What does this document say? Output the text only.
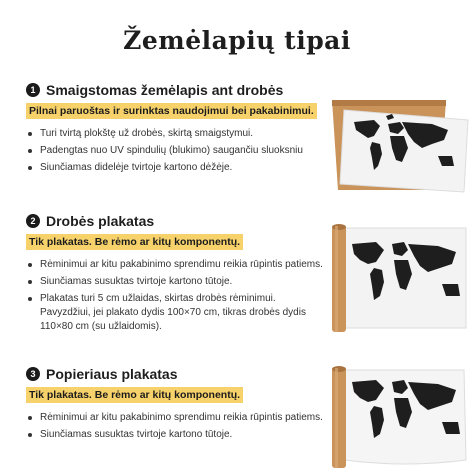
Žemėlapių tipai
1 Smaigstomas žemėlapis ant drobės
Pilnai paruoštas ir surinktas naudojimui bei pakabinimui.
Turi tvirtą plokštę už drobės, skirtą smaigstymui.
Padengtas nuo UV spindulių (blukimo) saugančiu sluoksniu
Siunčiamas didelėje tvirtoje kartono dėžėje.
2 Drobės plakatas
Tik plakatas. Be rėmo ar kitų komponentų.
Rėminimui ar kitu pakabinimo sprendimu reikia rūpintis patiems.
Siunčiamas susuktas tvirtoje kartono tūtoje.
Plakatas turi 5 cm užlaidas, skirtas drobės rėminimui. Pavyzdžiui, jei plakato dydis 100×70 cm, tikras drobės dydis 110×80 cm (su užlaidomis).
3 Popieriaus plakatas
Tik plakatas. Be rėmo ar kitų komponentų.
Rėminimui ar kitu pakabinimo sprendimu reikia rūpintis patiems.
Siunčiamas susuktas tvirtoje kartono tūtoje.
